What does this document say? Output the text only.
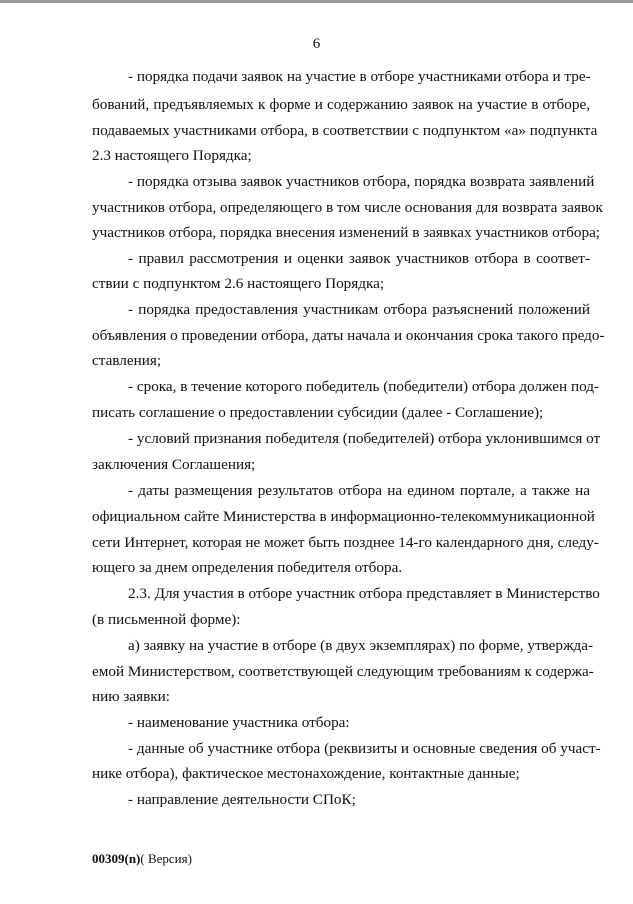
6
- порядка подачи заявок на участие в отборе участниками отбора и тре-
бований, предъявляемых к форме и содержанию заявок на участие в отборе,
подаваемых участниками отбора, в соответствии с подпунктом «а» подпункта
2.3 настоящего Порядка;
- порядка отзыва заявок участников отбора, порядка возврата заявлений
участников отбора, определяющего в том числе основания для возврата заявок
участников отбора, порядка внесения изменений в заявках участников отбора;
- правил рассмотрения и оценки заявок участников отбора в соответ-
ствии с подпунктом 2.6 настоящего Порядка;
- порядка предоставления участникам отбора разъяснений положений
объявления о проведении отбора, даты начала и окончания срока такого предо-
ставления;
- срока, в течение которого победитель (победители) отбора должен под-
писать соглашение о предоставлении субсидии (далее - Соглашение);
- условий признания победителя (победителей) отбора уклонившимся от
заключения Соглашения;
- даты размещения результатов отбора на едином портале, а также на
официальном сайте Министерства в информационно-телекоммуникационной
сети Интернет, которая не может быть позднее 14-го календарного дня, следу-
ющего за днем определения победителя отбора.
2.3. Для участия в отборе участник отбора представляет в Министерство
(в письменной форме):
а) заявку на участие в отборе (в двух экземплярах) по форме, утвержда-
емой Министерством, соответствующей следующим требованиям к содержа-
нию заявки:
- наименование участника отбора:
- данные об участнике отбора (реквизиты и основные сведения об участ-
нике отбора), фактическое местонахождение, контактные данные;
- направление деятельности СПоК;
00309(n)( Версия)
